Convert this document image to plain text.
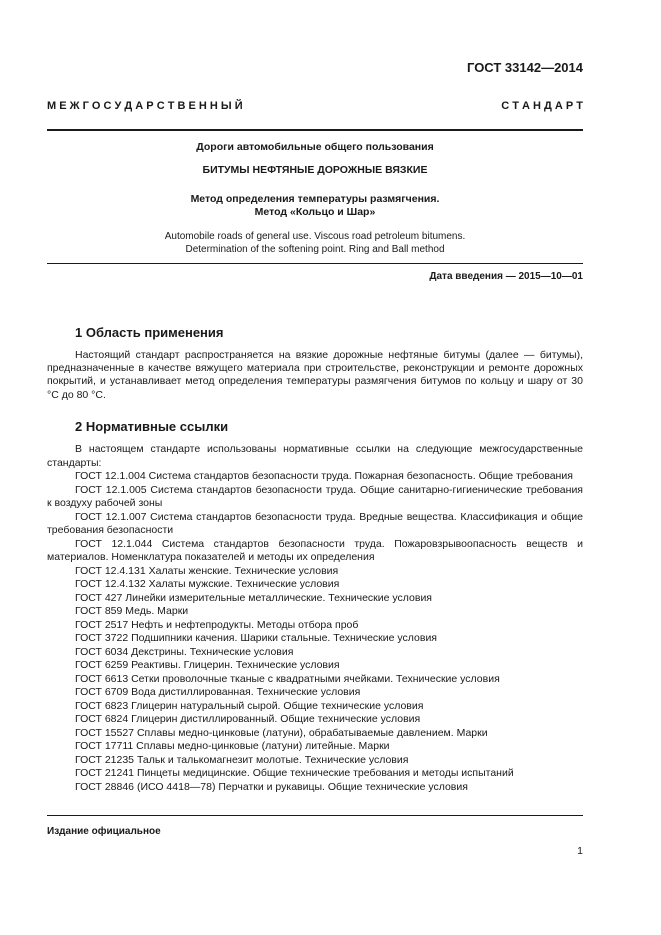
ГОСТ 33142—2014
М Е Ж Г О С У Д А Р С Т В Е Н Н Ы Й	С Т А Н Д А Р Т
Дороги автомобильные общего пользования
БИТУМЫ НЕФТЯНЫЕ ДОРОЖНЫЕ ВЯЗКИЕ
Метод определения температуры размягчения.
Метод «Кольцо и Шар»
Automobile roads of general use. Viscous road petroleum bitumens.
Determination of the softening point. Ring and Ball method
Дата введения — 2015—10—01
1 Область применения
Настоящий стандарт распространяется на вязкие дорожные нефтяные битумы (далее — битумы), предназначенные в качестве вяжущего материала при строительстве, реконструкции и ремонте дорожных покрытий, и устанавливает метод определения температуры размягчения битумов по кольцу и шару от 30 °С до 80 °С.
2 Нормативные ссылки
В настоящем стандарте использованы нормативные ссылки на следующие межгосударственные стандарты:
ГОСТ 12.1.004 Система стандартов безопасности труда. Пожарная безопасность. Общие требования
ГОСТ 12.1.005 Система стандартов безопасности труда. Общие санитарно-гигиенические требования к воздуху рабочей зоны
ГОСТ 12.1.007 Система стандартов безопасности труда. Вредные вещества. Классификация и общие требования безопасности
ГОСТ 12.1.044 Система стандартов безопасности труда. Пожаровзрывоопасность веществ и материалов. Номенклатура показателей и методы их определения
ГОСТ 12.4.131 Халаты женские. Технические условия
ГОСТ 12.4.132 Халаты мужские. Технические условия
ГОСТ 427 Линейки измерительные металлические. Технические условия
ГОСТ 859 Медь. Марки
ГОСТ 2517 Нефть и нефтепродукты. Методы отбора проб
ГОСТ 3722 Подшипники качения. Шарики стальные. Технические условия
ГОСТ 6034 Декстрины. Технические условия
ГОСТ 6259 Реактивы. Глицерин. Технические условия
ГОСТ 6613 Сетки проволочные тканые с квадратными ячейками. Технические условия
ГОСТ 6709 Вода дистиллированная. Технические условия
ГОСТ 6823 Глицерин натуральный сырой. Общие технические условия
ГОСТ 6824 Глицерин дистиллированный. Общие технические условия
ГОСТ 15527 Сплавы медно-цинковые (латуни), обрабатываемые давлением. Марки
ГОСТ 17711 Сплавы медно-цинковые (латуни) литейные. Марки
ГОСТ 21235 Тальк и талькомагнезит молотые. Технические условия
ГОСТ 21241 Пинцеты медицинские. Общие технические требования и методы испытаний
ГОСТ 28846 (ИСО 4418—78) Перчатки и рукавицы. Общие технические условия
Издание официальное
1
